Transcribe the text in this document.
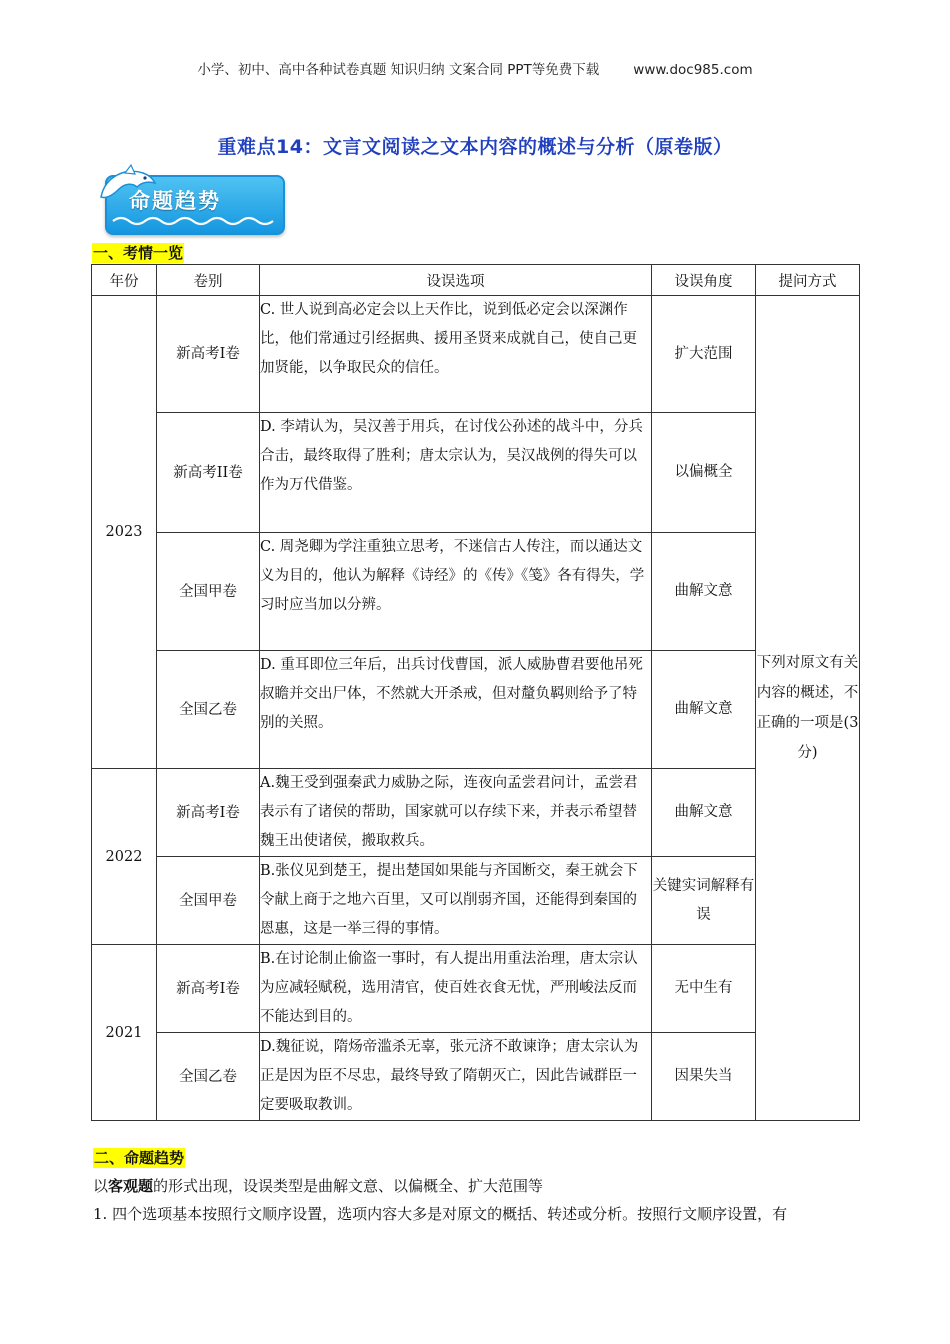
小学、初中、高中各种试卷真题 知识归纳 文案合同 PPT等免费下载	www.doc985.com
重难点14：文言文阅读之文本内容的概述与分析（原卷版）
命题趋势
一、考情一览
年份	卷别	设误选项	设误角度	提问方式
2023	新高考I卷	C. 世人说到高必定会以上天作比，说到低必定会以深渊作比，他们常通过引经据典、援用圣贤来成就自己，使自己更加贤能，以争取民众的信任。	扩大范围	下列对原文有关内容的概述，不正确的一项是(3分)
	新高考II卷	D. 李靖认为，吴汉善于用兵，在讨伐公孙述的战斗中，分兵合击，最终取得了胜利；唐太宗认为，吴汉战例的得失可以作为万代借鉴。	以偏概全	
	全国甲卷	C. 周尧卿为学注重独立思考，不迷信古人传注，而以通达文义为目的，他认为解释《诗经》的《传》《笺》各有得失，学习时应当加以分辨。	曲解文意	
	全国乙卷	D. 重耳即位三年后，出兵讨伐曹国，派人威胁曹君要他吊死叔瞻并交出尸体，不然就大开杀戒，但对釐负羁则给予了特别的关照。	曲解文意	
2022	新高考Ⅰ卷	A.魏王受到强秦武力威胁之际，连夜向孟尝君问计，孟尝君表示有了诸侯的帮助，国家就可以存续下来，并表示希望替魏王出使诸侯，搬取救兵。	曲解文意	
	全国甲卷	B.张仪见到楚王，提出楚国如果能与齐国断交，秦王就会下令献上商于之地六百里，又可以削弱齐国，还能得到秦国的恩惠，这是一举三得的事情。	关键实词解释有误	
2021	新高考Ⅰ卷	B.在讨论制止偷盗一事时，有人提出用重法治理，唐太宗认为应减轻赋税，选用清官，使百姓衣食无忧，严刑峻法反而不能达到目的。	无中生有	
	全国乙卷	D.魏征说，隋炀帝滥杀无辜，张元济不敢谏诤；唐太宗认为正是因为臣不尽忠，最终导致了隋朝灭亡，因此告诫群臣一定要吸取教训。	因果失当	
二、命题趋势
以客观题的形式出现，设误类型是曲解文意、以偏概全、扩大范围等
1. 四个选项基本按照行文顺序设置，选项内容大多是对原文的概括、转述或分析。按照行文顺序设置，有
